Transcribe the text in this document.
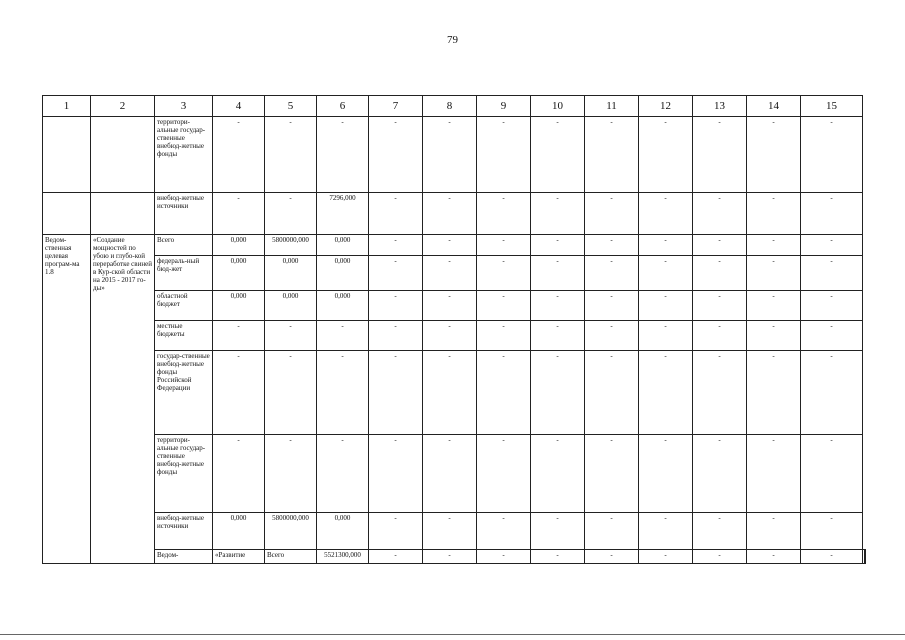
79
1	2	3	4	5	6	7	8	9	10	11	12	13	14	15		
		территори-альные государ-ственные внебюд-жетные фонды	-	-	-	-	-	-	-	-	-	-	-	-		
		внебюд-жетные источники	-	-	7296,000	-	-	-	-	-	-	-	-	-		
Ведом-ственная целевая програм-ма 1.8	«Создание мощностей по убою и глубо-кой переработке свиней в Кур-ской области на 2015 - 2017 го-ды»	Всего	0,000	5800000,000	0,000	-	-	-	-	-	-	-	-	-		
		федераль-ный бюд-жет	0,000	0,000	0,000	-	-	-	-	-	-	-	-	-		
		областной бюджет	0,000	0,000	0,000	-	-	-	-	-	-	-	-	-		
		местные бюджеты	-	-	-	-	-	-	-	-	-	-	-	-		
		государ-ственные внебюд-жетные фонды Российской Федерации	-	-	-	-	-	-	-	-	-	-	-	-		
		территори-альные государ-ственные внебюд-жетные фонды	-	-	-	-	-	-	-	-	-	-	-	-		
		внебюд-жетные источники	0,000	5800000,000	0,000	-	-	-	-	-	-	-	-	-		
		Ведом-	«Развитие	Всего	5521300,000	-	-	-	-	-	-	-	-	-		
